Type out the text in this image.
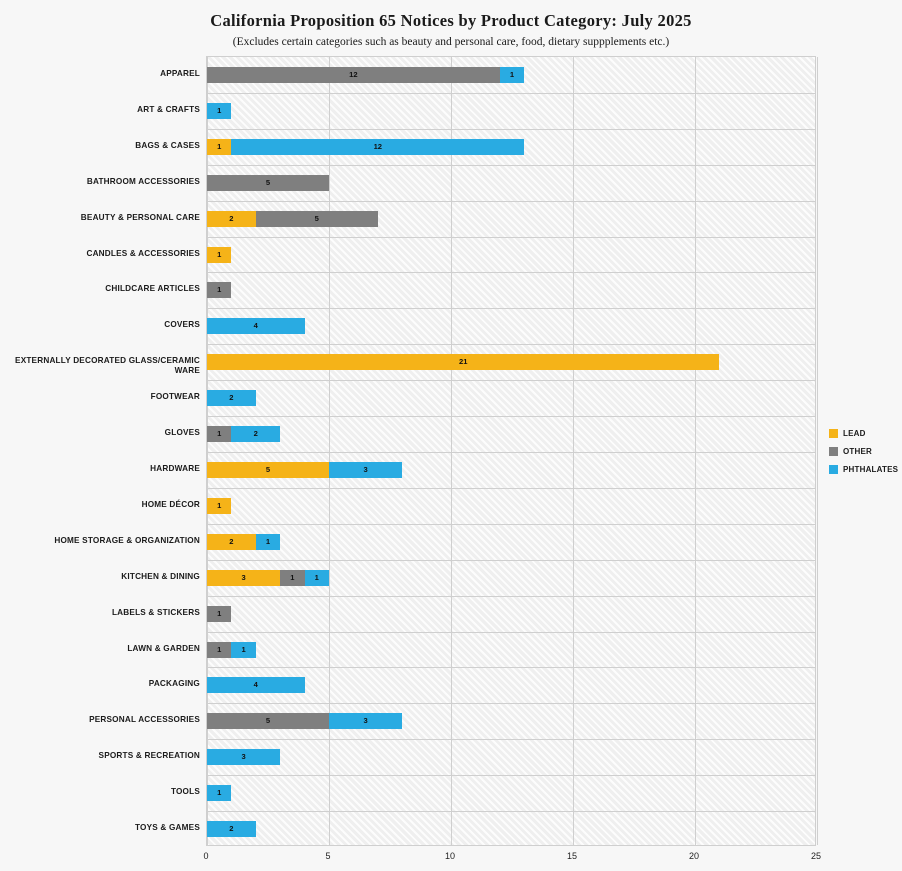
California Proposition 65 Notices by Product Category: July 2025
(Excludes certain categories such as beauty and personal care, food, dietary suppplements etc.)
APPAREL
ART & CRAFTS
BAGS & CASES
BATHROOM ACCESSORIES
BEAUTY & PERSONAL CARE
CANDLES & ACCESSORIES
CHILDCARE ARTICLES
COVERS
EXTERNALLY DECORATED GLASS/CERAMIC WARE
FOOTWEAR
GLOVES
HARDWARE
HOME DÉCOR
HOME STORAGE & ORGANIZATION
KITCHEN & DINING
LABELS & STICKERS
LAWN & GARDEN
PACKAGING
PERSONAL ACCESSORIES
SPORTS & RECREATION
TOOLS
TOYS & GAMES
12	1
1
1	12
5
2	5
1
1
4
21
2
1	2
5	3
1
2	1
3	1	1
1
1	1
4
5	3
3
1
2
0	5	10	15	20	25
LEAD
OTHER
PHTHALATES
